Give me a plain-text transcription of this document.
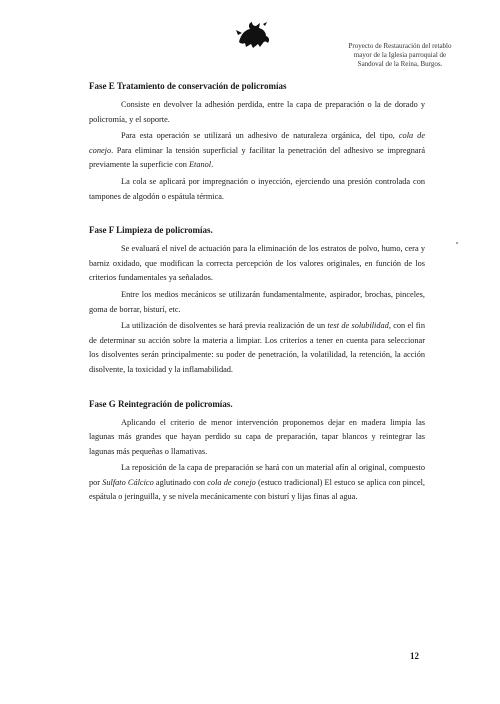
Proyecto de Restauración del retablo
mayor de la Iglesia parroquial de
Sandoval de la Reina, Burgos.
Fase E Tratamiento de conservación de policromías

Consiste en devolver la adhesión perdida, entre la capa de preparación o la de dorado y policromía, y el soporte.

Para esta operación se utilizará un adhesivo de naturaleza orgánica, del tipo, cola de conejo. Para eliminar la tensión superficial y facilitar la penetración del adhesivo se impregnará previamente la superficie con Etanol.

La cola se aplicará por impregnación o inyección, ejerciendo una presión controlada con tampones de algodón o espátula térmica.

Fase F Limpieza de policromías.

Se evaluará el nivel de actuación para la eliminación de los estratos de polvo, humo, cera y barniz oxidado, que modifican la correcta percepción de los valores originales, en función de los criterios fundamentales ya señalados.

Entre los medios mecánicos se utilizarán fundamentalmente, aspirador, brochas, pinceles, goma de borrar, bisturí, etc.

La utilización de disolventes se hará previa realización de un test de solubilidad, con el fin de determinar su acción sobre la materia a limpiar. Los criterios a tener en cuenta para seleccionar los disolventes serán principalmente: su poder de penetración, la volatilidad, la retención, la acción disolvente, la toxicidad y la inflamabilidad.

Fase G Reintegración de policromías.

Aplicando el criterio de menor intervención proponemos dejar en madera limpia las lagunas más grandes que hayan perdido su capa de preparación, tapar blancos y reintegrar las lagunas más pequeñas o llamativas.

La reposición de la capa de preparación se hará con un material afín al original, compuesto por Sulfato Cálcico aglutinado con cola de conejo (estuco tradicional) El estuco se aplica con pincel, espátula o jeringuilla, y se nivela mecánicamente con bisturí y lijas finas al agua.

12
